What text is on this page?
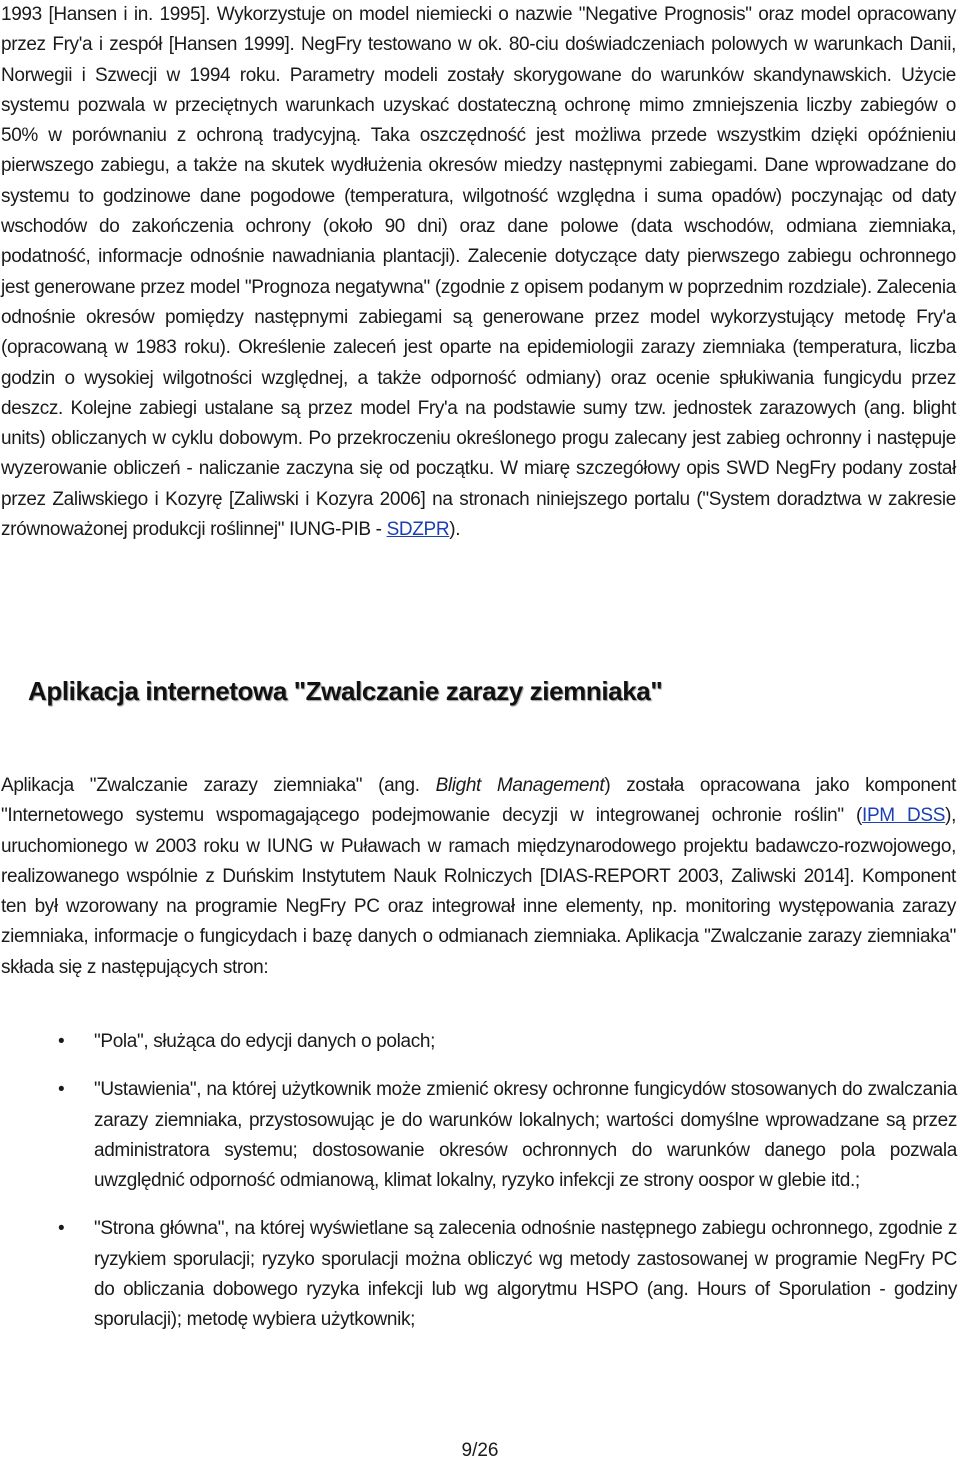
1993 [Hansen i in. 1995]. Wykorzystuje on model niemiecki o nazwie "Negative Prognosis" oraz model opracowany przez Fry'a i zespół [Hansen 1999]. NegFry testowano w ok. 80-ciu doświadczeniach polowych w warunkach Danii, Norwegii i Szwecji w 1994 roku. Parametry modeli zostały skorygowane do warunków skandynawskich. Użycie systemu pozwala w przeciętnych warunkach uzyskać dostateczną ochronę mimo zmniejszenia liczby zabiegów o 50% w porównaniu z ochroną tradycyjną. Taka oszczędność jest możliwa przede wszystkim dzięki opóźnieniu pierwszego zabiegu, a także na skutek wydłużenia okresów miedzy następnymi zabiegami. Dane wprowadzane do systemu to godzinowe dane pogodowe (temperatura, wilgotność względna i suma opadów) poczynając od daty wschodów do zakończenia ochrony (około 90 dni) oraz dane polowe (data wschodów, odmiana ziemniaka, podatność, informacje odnośnie nawadniania plantacji). Zalecenie dotyczące daty pierwszego zabiegu ochronnego jest generowane przez model "Prognoza negatywna" (zgodnie z opisem podanym w poprzednim rozdziale). Zalecenia odnośnie okresów pomiędzy następnymi zabiegami są generowane przez model wykorzystujący metodę Fry'a (opracowaną w 1983 roku). Określenie zaleceń jest oparte na epidemiologii zarazy ziemniaka (temperatura, liczba godzin o wysokiej wilgotności względnej, a także odporność odmiany) oraz ocenie spłukiwania fungicydu przez deszcz. Kolejne zabiegi ustalane są przez model Fry'a na podstawie sumy tzw. jednostek zarazowych (ang. blight units) obliczanych w cyklu dobowym. Po przekroczeniu określonego progu zalecany jest zabieg ochronny i następuje wyzerowanie obliczeń - naliczanie zaczyna się od początku. W miarę szczegółowy opis SWD NegFry podany został przez Zaliwskiego i Kozyrę [Zaliwski i Kozyra 2006] na stronach niniejszego portalu ("System doradztwa w zakresie zrównoważonej produkcji roślinnej" IUNG-PIB - SDZPR).
Aplikacja internetowa "Zwalczanie zarazy ziemniaka"
Aplikacja "Zwalczanie zarazy ziemniaka" (ang. Blight Management) została opracowana jako komponent "Internetowego systemu wspomagającego podejmowanie decyzji w integrowanej ochronie roślin" (IPM DSS), uruchomionego w 2003 roku w IUNG w Puławach w ramach międzynarodowego projektu badawczo-rozwojowego, realizowanego wspólnie z Duńskim Instytutem Nauk Rolniczych [DIAS-REPORT 2003, Zaliwski 2014]. Komponent ten był wzorowany na programie NegFry PC oraz integrował inne elementy, np. monitoring występowania zarazy ziemniaka, informacje o fungicydach i bazę danych o odmianach ziemniaka. Aplikacja "Zwalczanie zarazy ziemniaka" składa się z następujących stron:
• "Pola", służąca do edycji danych o polach;
• "Ustawienia", na której użytkownik może zmienić okresy ochronne fungicydów stosowanych do zwalczania zarazy ziemniaka, przystosowując je do warunków lokalnych; wartości domyślne wprowadzane są przez administratora systemu; dostosowanie okresów ochronnych do warunków danego pola pozwala uwzględnić odporność odmianową, klimat lokalny, ryzyko infekcji ze strony oospor w glebie itd.;
• "Strona główna", na której wyświetlane są zalecenia odnośnie następnego zabiegu ochronnego, zgodnie z ryzykiem sporulacji; ryzyko sporulacji można obliczyć wg metody zastosowanej w programie NegFry PC do obliczania dobowego ryzyka infekcji lub wg algorytmu HSPO (ang. Hours of Sporulation - godziny sporulacji); metodę wybiera użytkownik;
9/26
